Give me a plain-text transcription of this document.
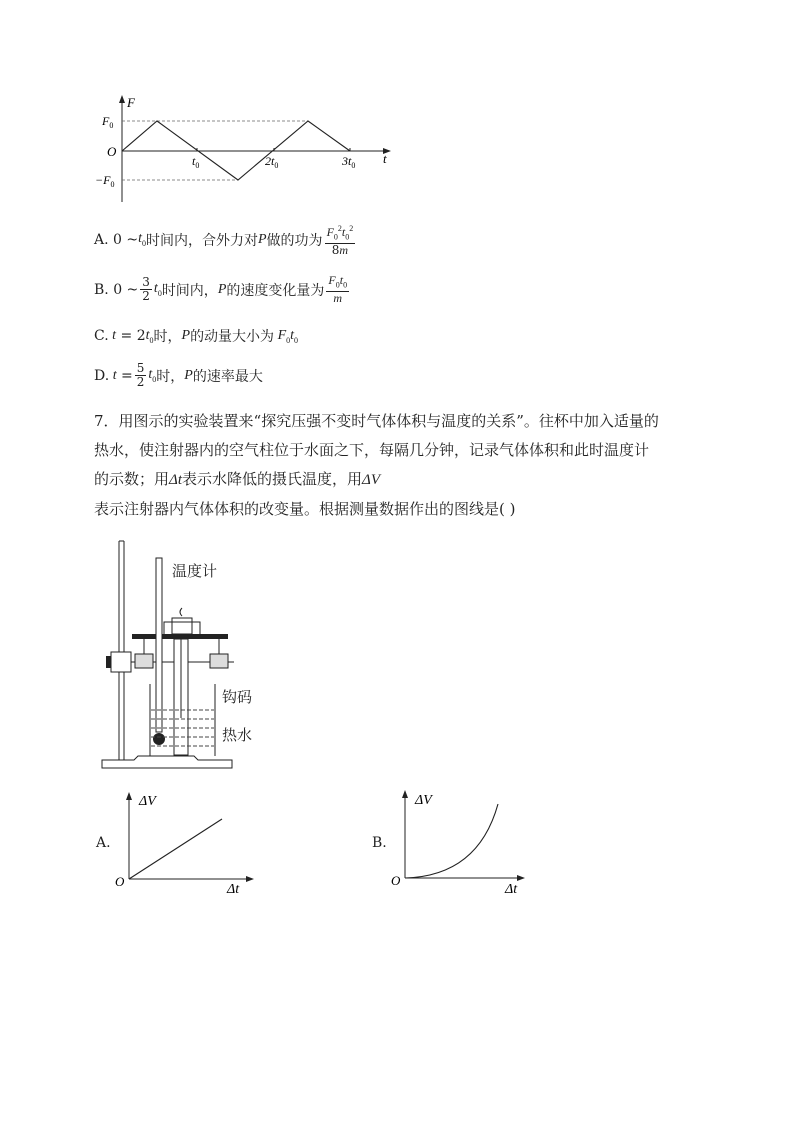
F
t
O
$F_0$
$-F_0$
$t_0$	$2t_0$	$3t_0$
A. 0 ~ $t_0$ 时间内，合外力对 P 做的功为 $\frac{F_0^2t_0^2}{8m}$
B. 0 ~ $\frac{3}{2} t_0$ 时间内， P 的速度变化量为 $\frac{F_0t_0}{m}$
C. t = 2 $t_0$ 时， P 的动量大小为 $F_0t_0$
D. $t = \frac{5}{2} t_0$ 时， P 的速率最大
7．用图示的实验装置来“探究压强不变时气体体积与温度的关系”。往杯中加入适量的
热水，使注射器内的空气柱位于水面之下，每隔几分钟，记录气体体积和此时温度计
的示数；用Δt表示水降低的摄氏温度，用ΔV
表示注射器内气体体积的改变量。根据测量数据作出的图线是( )
温度计
钩码
热水
A.
ΔV
Δt
O
B.
ΔV
Δt
O
